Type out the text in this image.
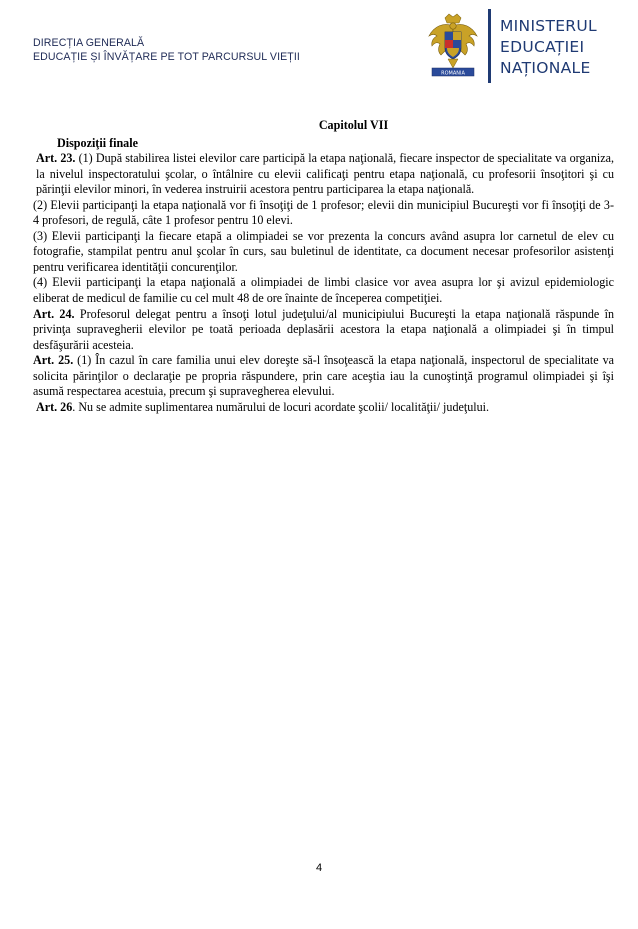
DIRECȚIA GENERALĂ
EDUCAȚIE ȘI ÎNVĂȚARE PE TOT PARCURSUL VIEȚII
ROMANIA
MINISTERUL
EDUCAȚIEI
NAȚIONALE
Capitolul VII
Dispoziţii finale
Art. 23. (1) După stabilirea listei elevilor care participă la etapa naţională, fiecare inspector de specialitate va organiza, la nivelul inspectoratului şcolar, o întâlnire cu elevii calificaţi pentru etapa naţională, cu profesorii însoţitori şi cu părinţii elevilor minori, în vederea instruirii acestora pentru participarea la etapa naţională.
(2) Elevii participanţi la etapa naţională vor fi însoţiţi de 1 profesor; elevii din municipiul Bucureşti vor fi însoţiţi de 3-4 profesori, de regulă, câte 1 profesor pentru 10 elevi.
(3) Elevii participanţi la fiecare etapă a olimpiadei se vor prezenta la concurs având asupra lor carnetul de elev cu fotografie, stampilat pentru anul şcolar în curs, sau buletinul de identitate, ca document necesar profesorilor asistenţi pentru verificarea identităţii concurenţilor.
(4) Elevii participanţi la etapa naţională a olimpiadei de limbi clasice vor avea asupra lor şi avizul epidemiologic eliberat de medicul de familie cu cel mult 48 de ore înainte de începerea competiţiei.
Art. 24. Profesorul delegat pentru a însoţi lotul judeţului/al municipiului Bucureşti la etapa naţională răspunde în privinţa supravegherii elevilor pe toată perioada deplasării acestora la etapa naţională a olimpiadei şi în timpul desfăşurării acesteia.
Art. 25. (1) În cazul în care familia unui elev doreşte să-l însoţească la etapa naţională, inspectorul de specialitate va solicita părinţilor o declaraţie pe propria răspundere, prin care aceştia iau la cunoştinţă programul olimpiadei şi îşi asumă respectarea acestuia, precum şi supravegherea elevului.
Art. 26. Nu se admite suplimentarea numărului de locuri acordate şcolii/ localităţii/ judeţului.
4
